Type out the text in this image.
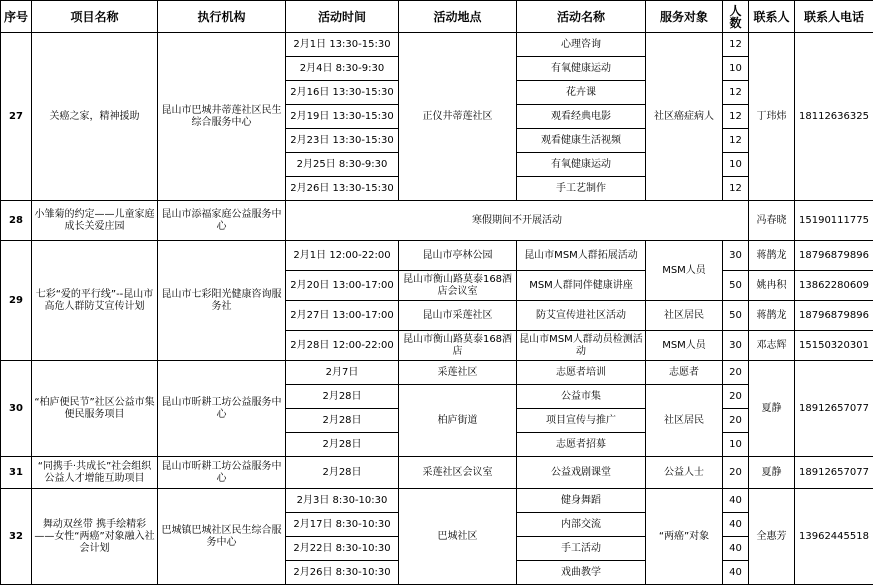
序号	项目名称	执行机构	活动时间	活动地点	活动名称	服务对象	人数	联系人	联系人电话
27	关癌之家，精神援助	昆山市巴城井蒂莲社区民生综合服务中心	2月1日 13:30-15:30	正仪井蒂莲社区	心理咨询	社区癌症病人	12	丁玮炜	18112636325
			2月4日 8:30-9:30		有氧健康运动		10		
			2月16日 13:30-15:30		花卉课		12		
			2月19日 13:30-15:30		观看经典电影		12		
			2月23日 13:30-15:30		观看健康生活视频		12		
			2月25日 8:30-9:30		有氧健康运动		10		
			2月26日 13:30-15:30		手工艺制作		12		
28	小雏菊的约定——儿童家庭成长关爱庄园	昆山市添福家庭公益服务中心	寒假期间不开展活动					冯春晓	15190111775
29	七彩“爱的平行线”--昆山市高危人群防艾宣传计划	昆山市七彩阳光健康咨询服务社	2月1日 12:00-22:00	昆山市亭林公园	昆山市MSM人群拓展活动	MSM人员	30	蒋鹊龙	18796879896
			2月20日 13:00-17:00	昆山市衡山路莫泰168酒店会议室	MSM人群同伴健康讲座		50	姚冉积	13862280609
			2月27日 13:00-17:00	昆山市采莲社区	防艾宣传进社区活动	社区居民	50	蒋鹊龙	18796879896
			2月28日 12:00-22:00	昆山市衡山路莫泰168酒店	昆山市MSM人群动员检测活动	MSM人员	30	邓志辉	15150320301
30	“柏庐便民节”社区公益市集便民服务项目	昆山市昕耕工坊公益服务中心	2月7日	采莲社区	志愿者培训	志愿者	20	夏静	18912657077
			2月28日	柏庐街道	公益市集	社区居民	20		
			2月28日		项目宣传与推广		20		
			2月28日		志愿者招募		10		
31	“同携手·共成长”社会组织公益人才增能互助项目	昆山市昕耕工坊公益服务中心	2月28日	采莲社区会议室	公益戏剧课堂	公益人士	20	夏静	18912657077
32	舞动双丝带 携手绘精彩——女性“两癌”对象融入社会计划	巴城镇巴城社区民生综合服务中心	2月3日 8:30-10:30	巴城社区	健身舞蹈	“两癌”对象	40	全惠芳	13962445518
			2月17日 8:30-10:30		内部交流		40		
			2月22日 8:30-10:30		手工活动		40		
			2月26日 8:30-10:30		戏曲教学		40		
